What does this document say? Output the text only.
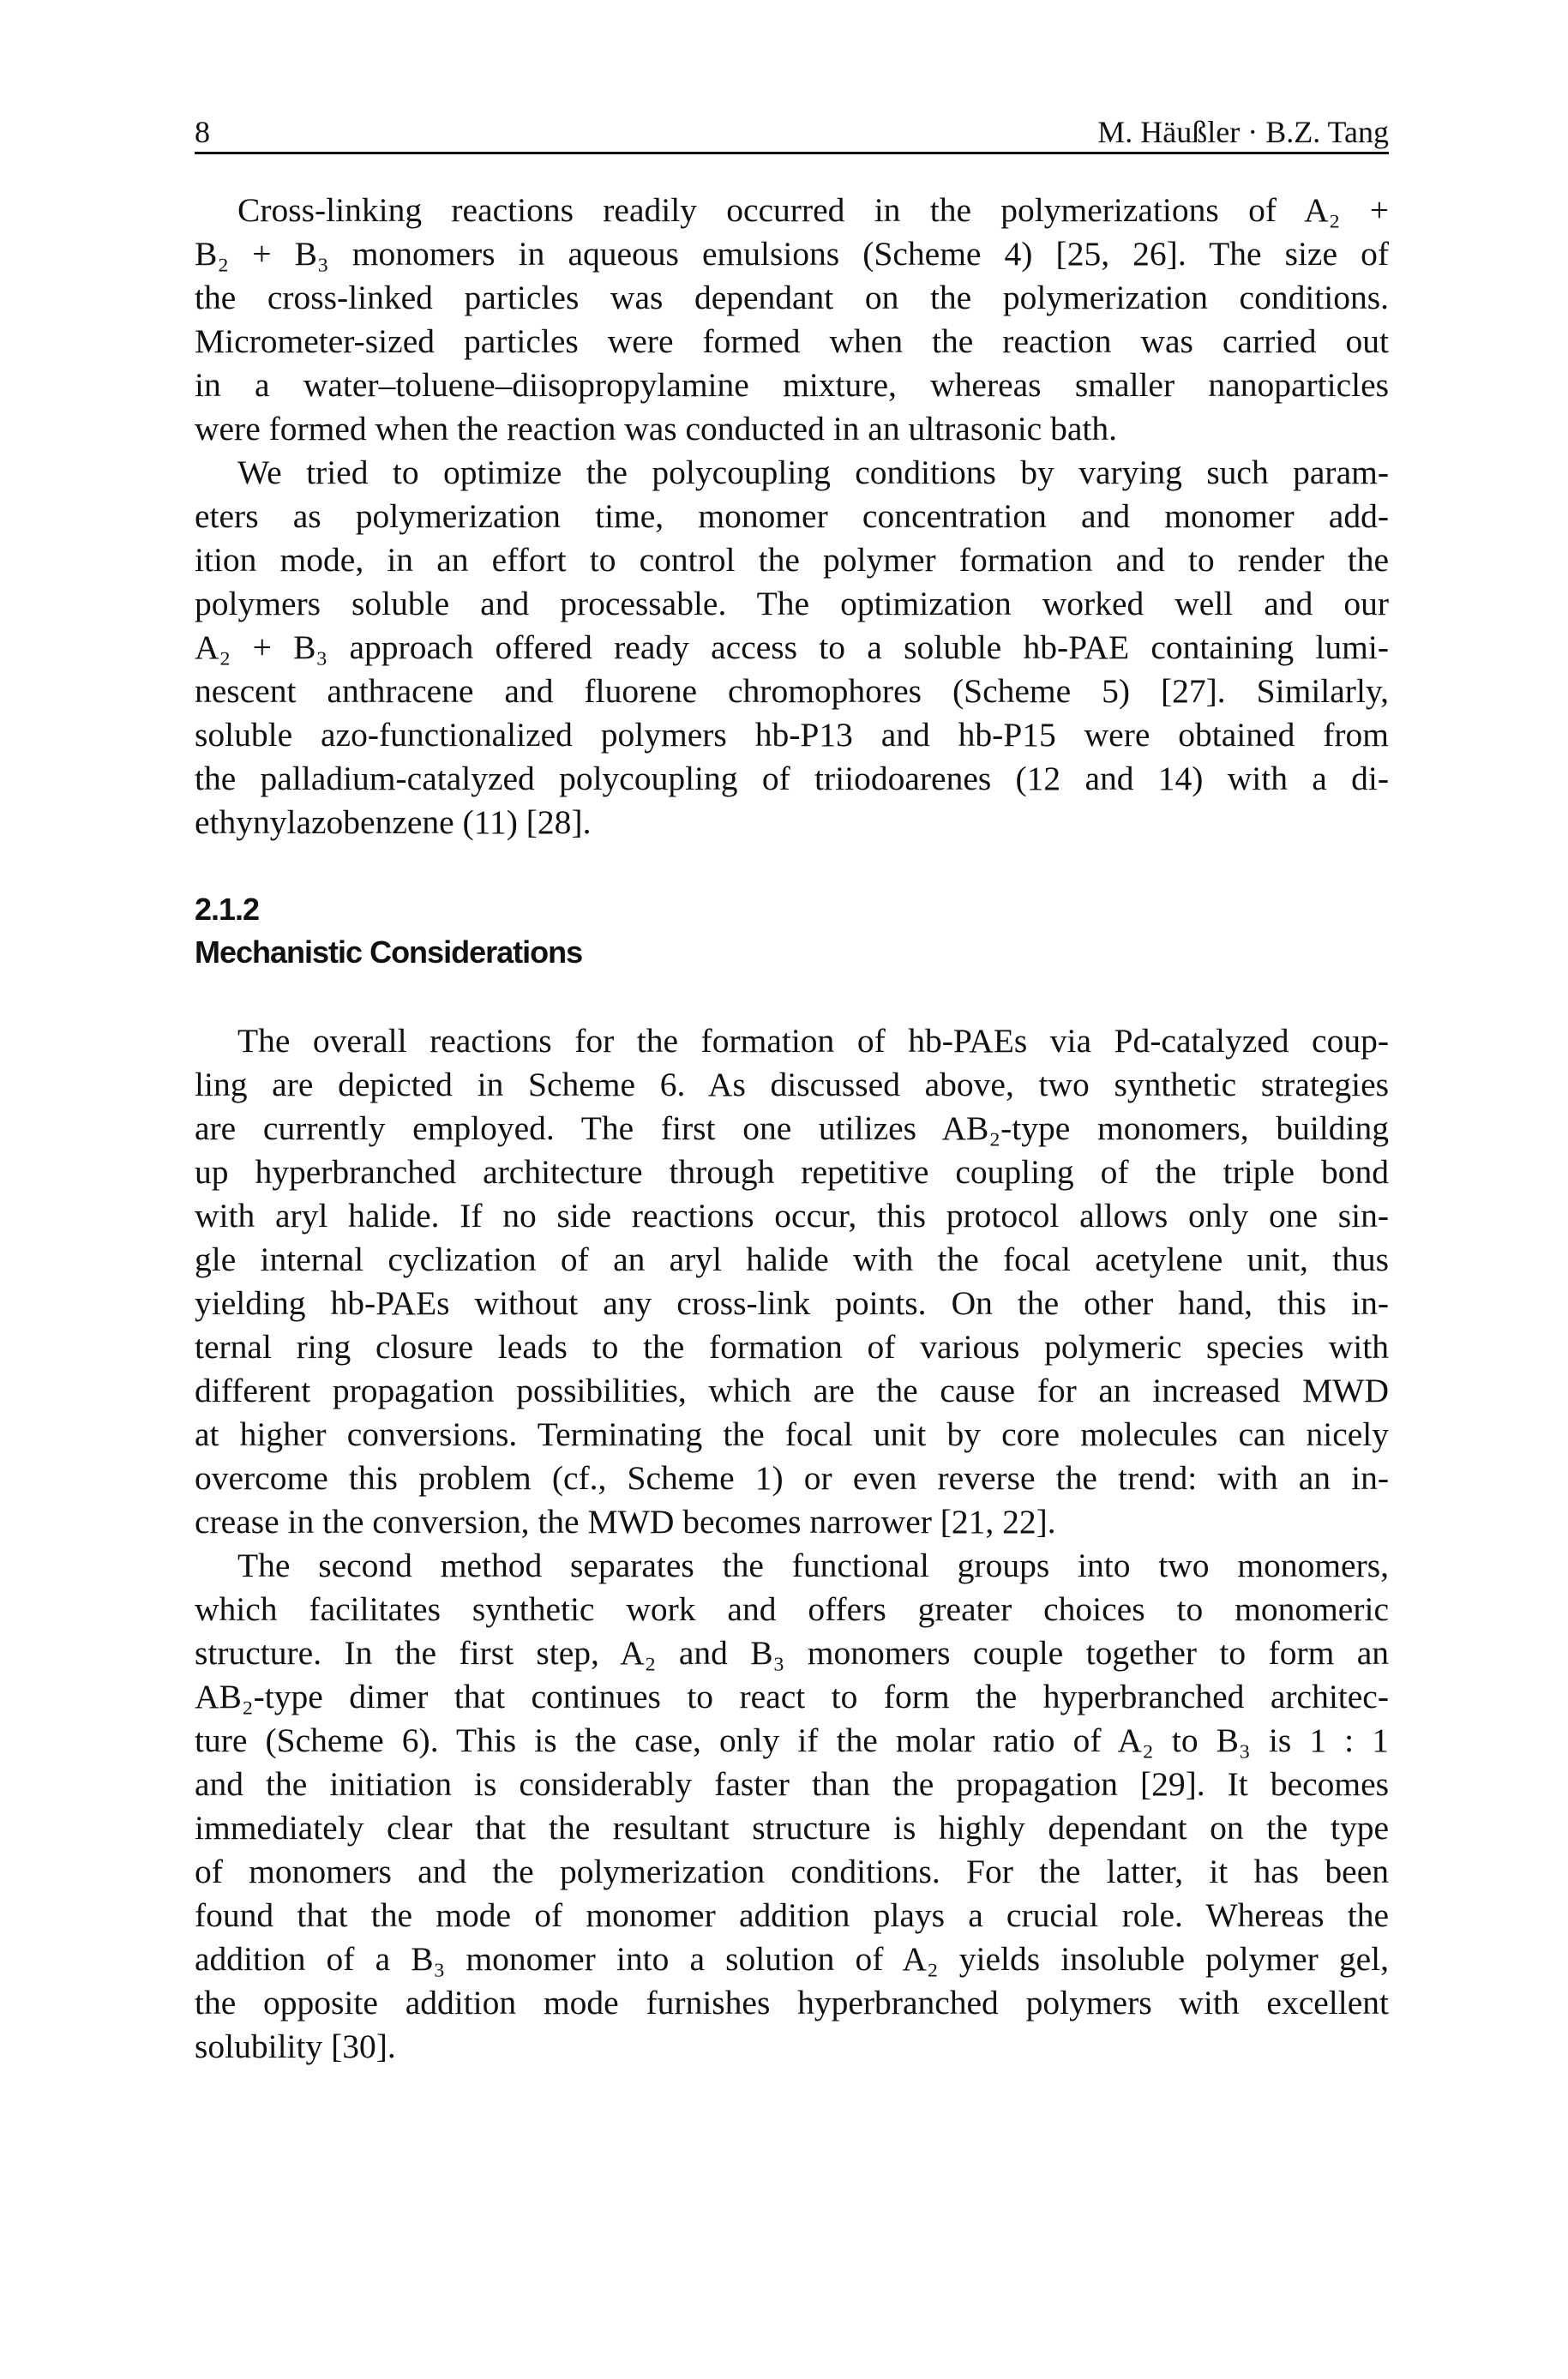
8	M. Häußler · B.Z. Tang
Cross-linking reactions readily occurred in the polymerizations of A₂ +
B₂ + B₃ monomers in aqueous emulsions (Scheme 4) [25, 26]. The size of
the cross-linked particles was dependant on the polymerization conditions.
Micrometer-sized particles were formed when the reaction was carried out
in a water–toluene–diisopropylamine mixture, whereas smaller nanoparticles
were formed when the reaction was conducted in an ultrasonic bath.
We tried to optimize the polycoupling conditions by varying such param-
eters as polymerization time, monomer concentration and monomer add-
ition mode, in an effort to control the polymer formation and to render the
polymers soluble and processable. The optimization worked well and our
A₂ + B₃ approach offered ready access to a soluble hb-PAE containing lumi-
nescent anthracene and fluorene chromophores (Scheme 5) [27]. Similarly,
soluble azo-functionalized polymers hb-P13 and hb-P15 were obtained from
the palladium-catalyzed polycoupling of triiodoarenes (12 and 14) with a di-
ethynylazobenzene (11) [28].
2.1.2
Mechanistic Considerations
The overall reactions for the formation of hb-PAEs via Pd-catalyzed coup-
ling are depicted in Scheme 6. As discussed above, two synthetic strategies
are currently employed. The first one utilizes AB₂-type monomers, building
up hyperbranched architecture through repetitive coupling of the triple bond
with aryl halide. If no side reactions occur, this protocol allows only one sin-
gle internal cyclization of an aryl halide with the focal acetylene unit, thus
yielding hb-PAEs without any cross-link points. On the other hand, this in-
ternal ring closure leads to the formation of various polymeric species with
different propagation possibilities, which are the cause for an increased MWD
at higher conversions. Terminating the focal unit by core molecules can nicely
overcome this problem (cf., Scheme 1) or even reverse the trend: with an in-
crease in the conversion, the MWD becomes narrower [21, 22].
The second method separates the functional groups into two monomers,
which facilitates synthetic work and offers greater choices to monomeric
structure. In the first step, A₂ and B₃ monomers couple together to form an
AB₂-type dimer that continues to react to form the hyperbranched architec-
ture (Scheme 6). This is the case, only if the molar ratio of A₂ to B₃ is 1 : 1
and the initiation is considerably faster than the propagation [29]. It becomes
immediately clear that the resultant structure is highly dependant on the type
of monomers and the polymerization conditions. For the latter, it has been
found that the mode of monomer addition plays a crucial role. Whereas the
addition of a B₃ monomer into a solution of A₂ yields insoluble polymer gel,
the opposite addition mode furnishes hyperbranched polymers with excellent
solubility [30].
